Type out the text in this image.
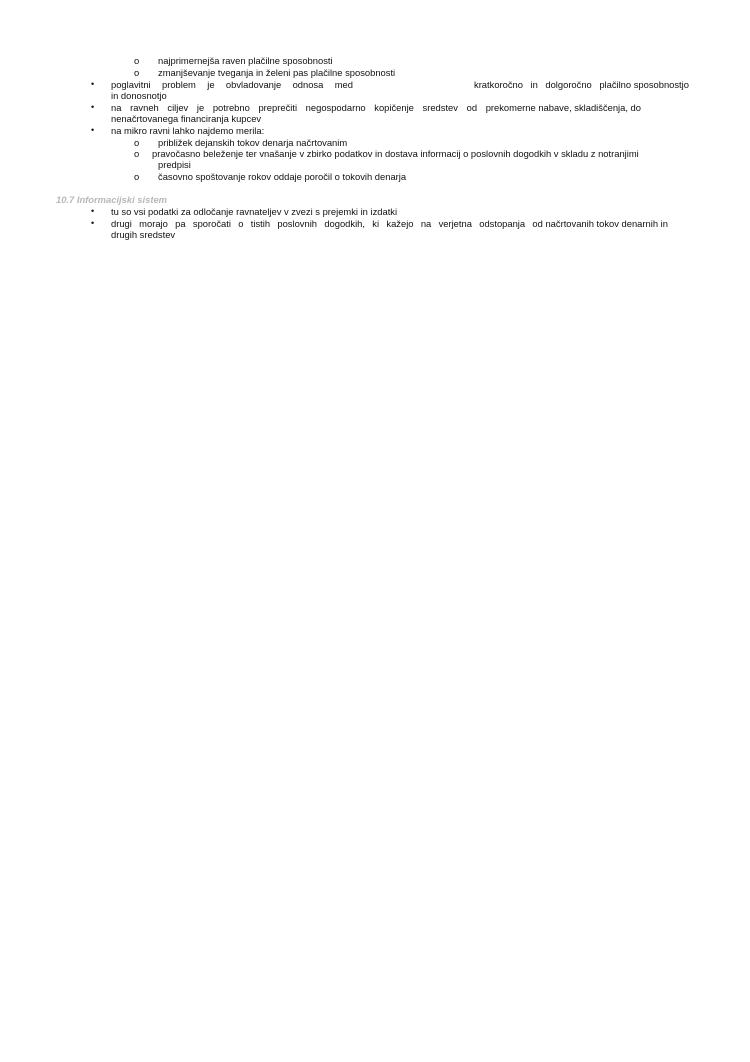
o najprimernejša raven plačilne sposobnosti
o zmanjševanje tveganja in želeni pas plačilne sposobnosti
• poglavitni problem je obvladovanje odnosa med	kratkoročno in dolgoročno plačilno sposobnostjo
in donosnotjo
• na ravneh ciljev je potrebno preprečiti negospodarno kopičenje sredstev od prekomerne nabave, skladiščenja, do
nenačrtovanega financiranja kupcev
• na mikro ravni lahko najdemo merila:
o približek dejanskih tokov denarja načrtovanim
o pravočasno beleženje ter vnašanje v zbirko podatkov in dostava informacij o poslovnih dogodkih v skladu z notranjimi
predpisi
o časovno spoštovanje rokov oddaje poročil o tokovih denarja
10.7 Informacijski sistem
• tu so vsi podatki za odločanje ravnateljev v zvezi s prejemki in izdatki
• drugi morajo pa sporočati o tistih poslovnih dogodkih, ki kažejo na verjetna odstopanja od načrtovanih tokov denarnih in
drugih sredstev
